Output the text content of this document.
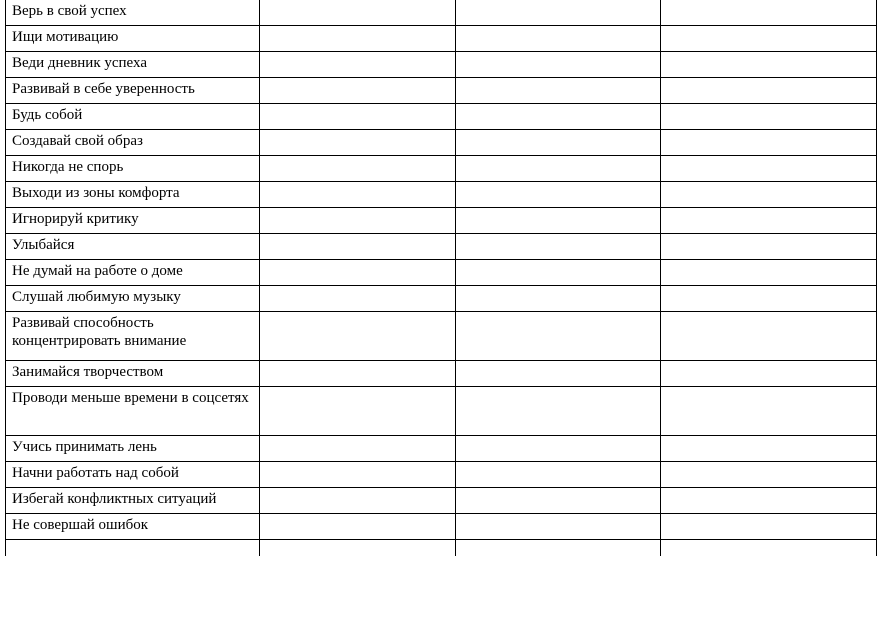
Верь в свой успех			
Ищи мотивацию			
Веди дневник успеха			
Развивай в себе уверенность			
Будь собой			
Создавай свой образ			
Никогда не спорь			
Выходи из зоны комфорта			
Игнорируй критику			
Улыбайся			
Не думай на работе о доме			
Слушай любимую музыку			
Развивай способность концентрировать внимание			
Занимайся творчеством			
Проводи меньше времени в соцсетях			
Учись принимать лень			
Начни работать над собой			
Избегай конфликтных ситуаций			
Не совершай ошибок			
